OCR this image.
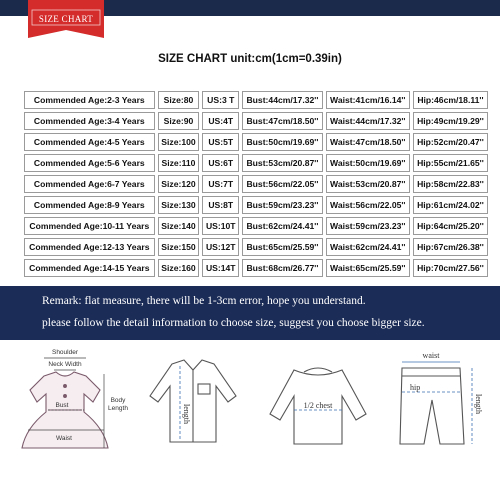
SIZE CHART
SIZE CHART unit:cm(1cm=0.39in)
Commended Age:2-3 Years	Size:80	US:3 T	Bust:44cm/17.32''	Waist:41cm/16.14''	Hip:46cm/18.11''
Commended Age:3-4 Years	Size:90	US:4T	Bust:47cm/18.50''	Waist:44cm/17.32''	Hip:49cm/19.29''
Commended Age:4-5 Years	Size:100	US:5T	Bust:50cm/19.69''	Waist:47cm/18.50''	Hip:52cm/20.47''
Commended Age:5-6 Years	Size:110	US:6T	Bust:53cm/20.87''	Waist:50cm/19.69''	Hip:55cm/21.65''
Commended Age:6-7 Years	Size:120	US:7T	Bust:56cm/22.05''	Waist:53cm/20.87''	Hip:58cm/22.83''
Commended Age:8-9 Years	Size:130	US:8T	Bust:59cm/23.23''	Waist:56cm/22.05''	Hip:61cm/24.02''
Commended Age:10-11 Years	Size:140	US:10T	Bust:62cm/24.41''	Waist:59cm/23.23''	Hip:64cm/25.20''
Commended Age:12-13 Years	Size:150	US:12T	Bust:65cm/25.59''	Waist:62cm/24.41''	Hip:67cm/26.38''
Commended Age:14-15 Years	Size:160	US:14T	Bust:68cm/26.77''	Waist:65cm/25.59''	Hip:70cm/27.56''
Remark: flat measure, there will be 1-3cm error, hope you understand.
please follow the detail information to choose size, suggest you choose bigger size.
Shoulder
Neck Width
Bust
Body
Length
Waist
length	1/2 chest
waist
hip
length
